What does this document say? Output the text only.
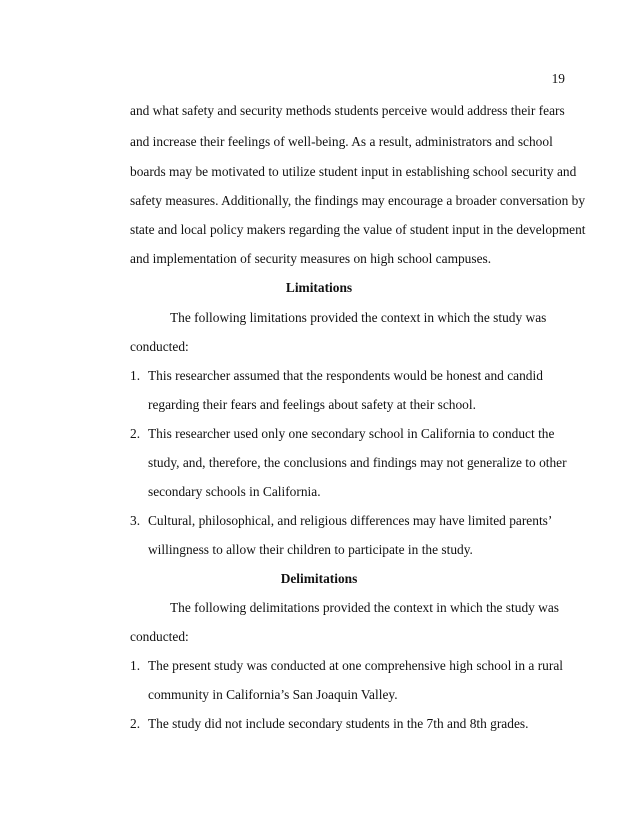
19
and what safety and security methods students perceive would address their fears
and increase their feelings of well-being. As a result, administrators and school
boards may be motivated to utilize student input in establishing school security and
safety measures. Additionally, the findings may encourage a broader conversation by
state and local policy makers regarding the value of student input in the development
and implementation of security measures on high school campuses.
Limitations
The following limitations provided the context in which the study was
conducted:
1. This researcher assumed that the respondents would be honest and candid
regarding their fears and feelings about safety at their school.
2. This researcher used only one secondary school in California to conduct the
study, and, therefore, the conclusions and findings may not generalize to other
secondary schools in California.
3. Cultural, philosophical, and religious differences may have limited parents’
willingness to allow their children to participate in the study.
Delimitations
The following delimitations provided the context in which the study was
conducted:
1. The present study was conducted at one comprehensive high school in a rural
community in California’s San Joaquin Valley.
2. The study did not include secondary students in the 7th and 8th grades.
